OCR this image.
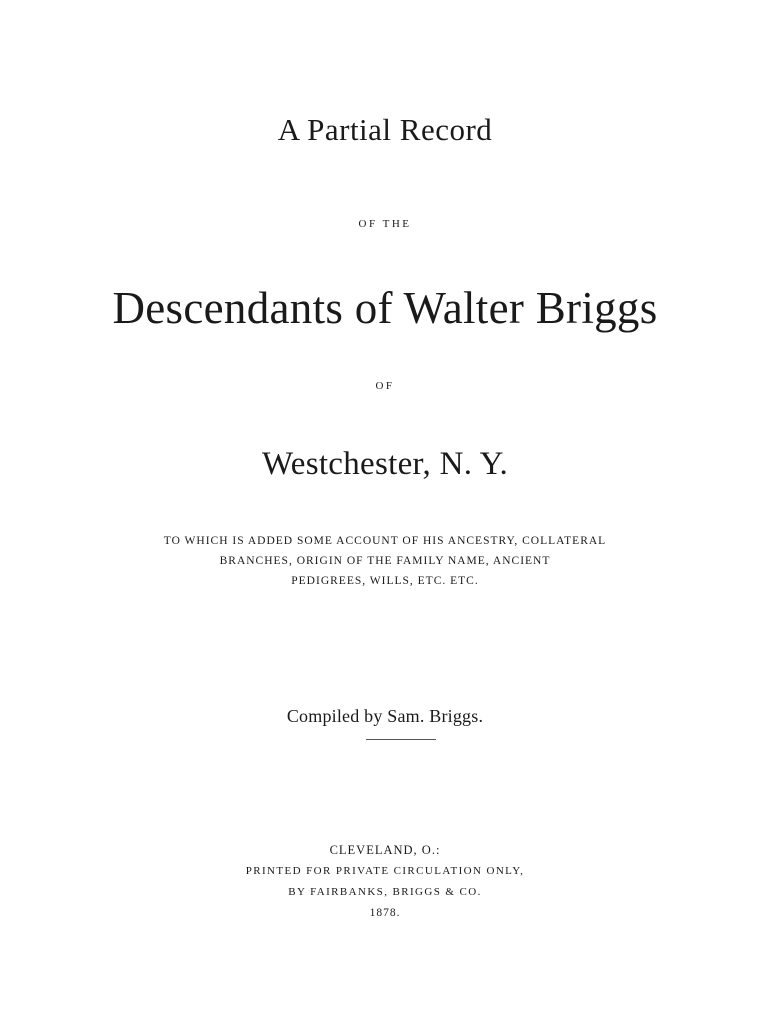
A Partial Record
OF THE
Descendants of Walter Briggs
OF
Westchester, N. Y.
TO WHICH IS ADDED SOME ACCOUNT OF HIS ANCESTRY, COLLATERAL
BRANCHES, ORIGIN OF THE FAMILY NAME, ANCIENT
PEDIGREES, WILLS, ETC. ETC.
Compiled by Sam. Briggs.
CLEVELAND, O.:
PRINTED FOR PRIVATE CIRCULATION ONLY,
BY FAIRBANKS, BRIGGS & CO.
1878.
